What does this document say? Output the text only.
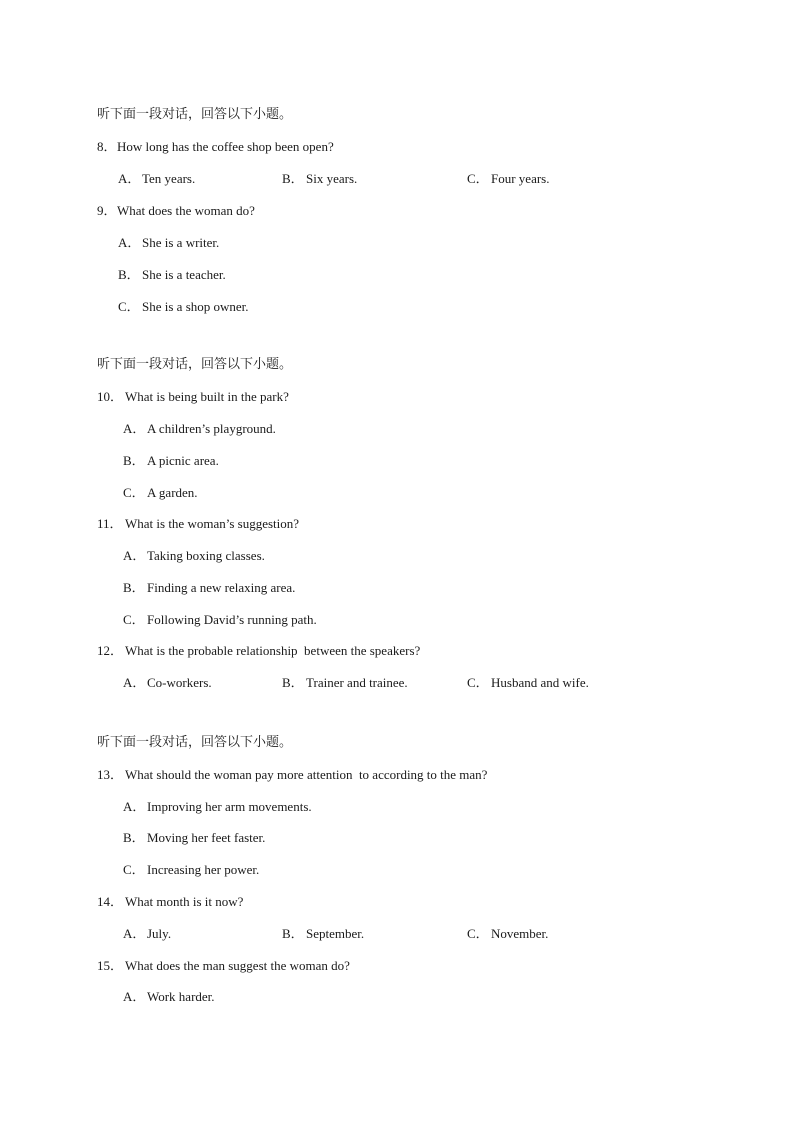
听下面一段对话，回答以下小题。
8．How long has the coffee shop been open?
A． Ten years.	B． Six years.	C． Four years.
9．What does the woman do?
A． She is a writer.
B． She is a teacher.
C． She is a shop owner.
听下面一段对话，回答以下小题。
10． What is being built in the park?
A． A children’s playground.
B． A picnic area.
C． A garden.
11． What is the woman’s suggestion?
A． Taking boxing classes.
B． Finding a new relaxing area.
C． Following David’s running path.
12． What is the probable relationship  between the speakers?
A． Co-workers.	B． Trainer and trainee.	C． Husband and wife.
听下面一段对话，回答以下小题。
13． What should the woman pay more attention  to according to the man?
A． Improving her arm movements.
B． Moving her feet faster.
C． Increasing her power.
14． What month is it now?
A． July.	B． September.	C． November.
15． What does the man suggest the woman do?
A． Work harder.
